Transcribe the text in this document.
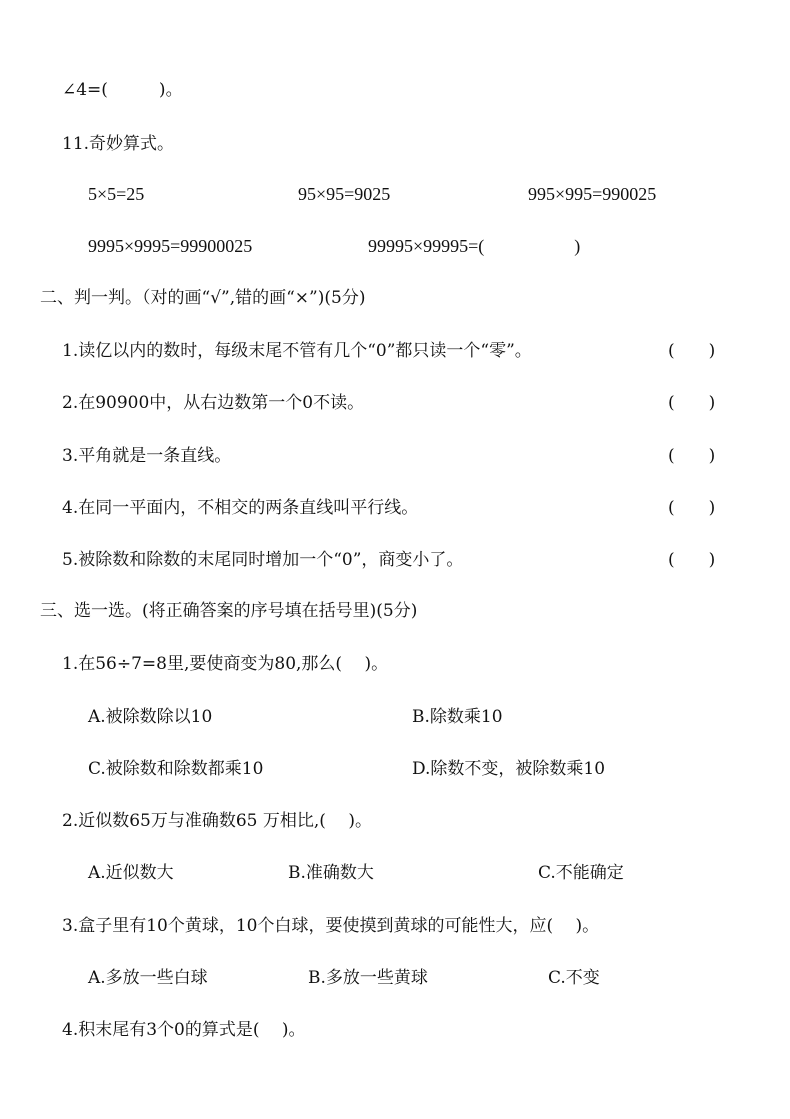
∠4=(　　　)。
11.奇妙算式。
5×5=25	95×95=9025	995×995=990025
9995×9995=99900025	99995×99995=(　　　　　)
二、判一判。（对的画“√”,错的画“×”)(5分)
1.读亿以内的数时，每级末尾不管有几个“0”都只读一个“零”。	(　　)
2.在90900中，从右边数第一个0不读。	(　　)
3.平角就是一条直线。	(　　)
4.在同一平面内，不相交的两条直线叫平行线。	(　　)
5.被除数和除数的末尾同时增加一个“0”，商变小了。	(　　)
三、选一选。(将正确答案的序号填在括号里)(5分)
1.在56÷7=8里,要使商变为80,那么(　 )。
A.被除数除以10	B.除数乘10
C.被除数和除数都乘10	D.除数不变，被除数乘10
2.近似数65万与准确数65 万相比,(　 )。
A.近似数大	B.准确数大	C.不能确定
3.盒子里有10个黄球，10个白球，要使摸到黄球的可能性大，应(　 )。
A.多放一些白球	B.多放一些黄球	C.不变
4.积末尾有3个0的算式是(　 )。
